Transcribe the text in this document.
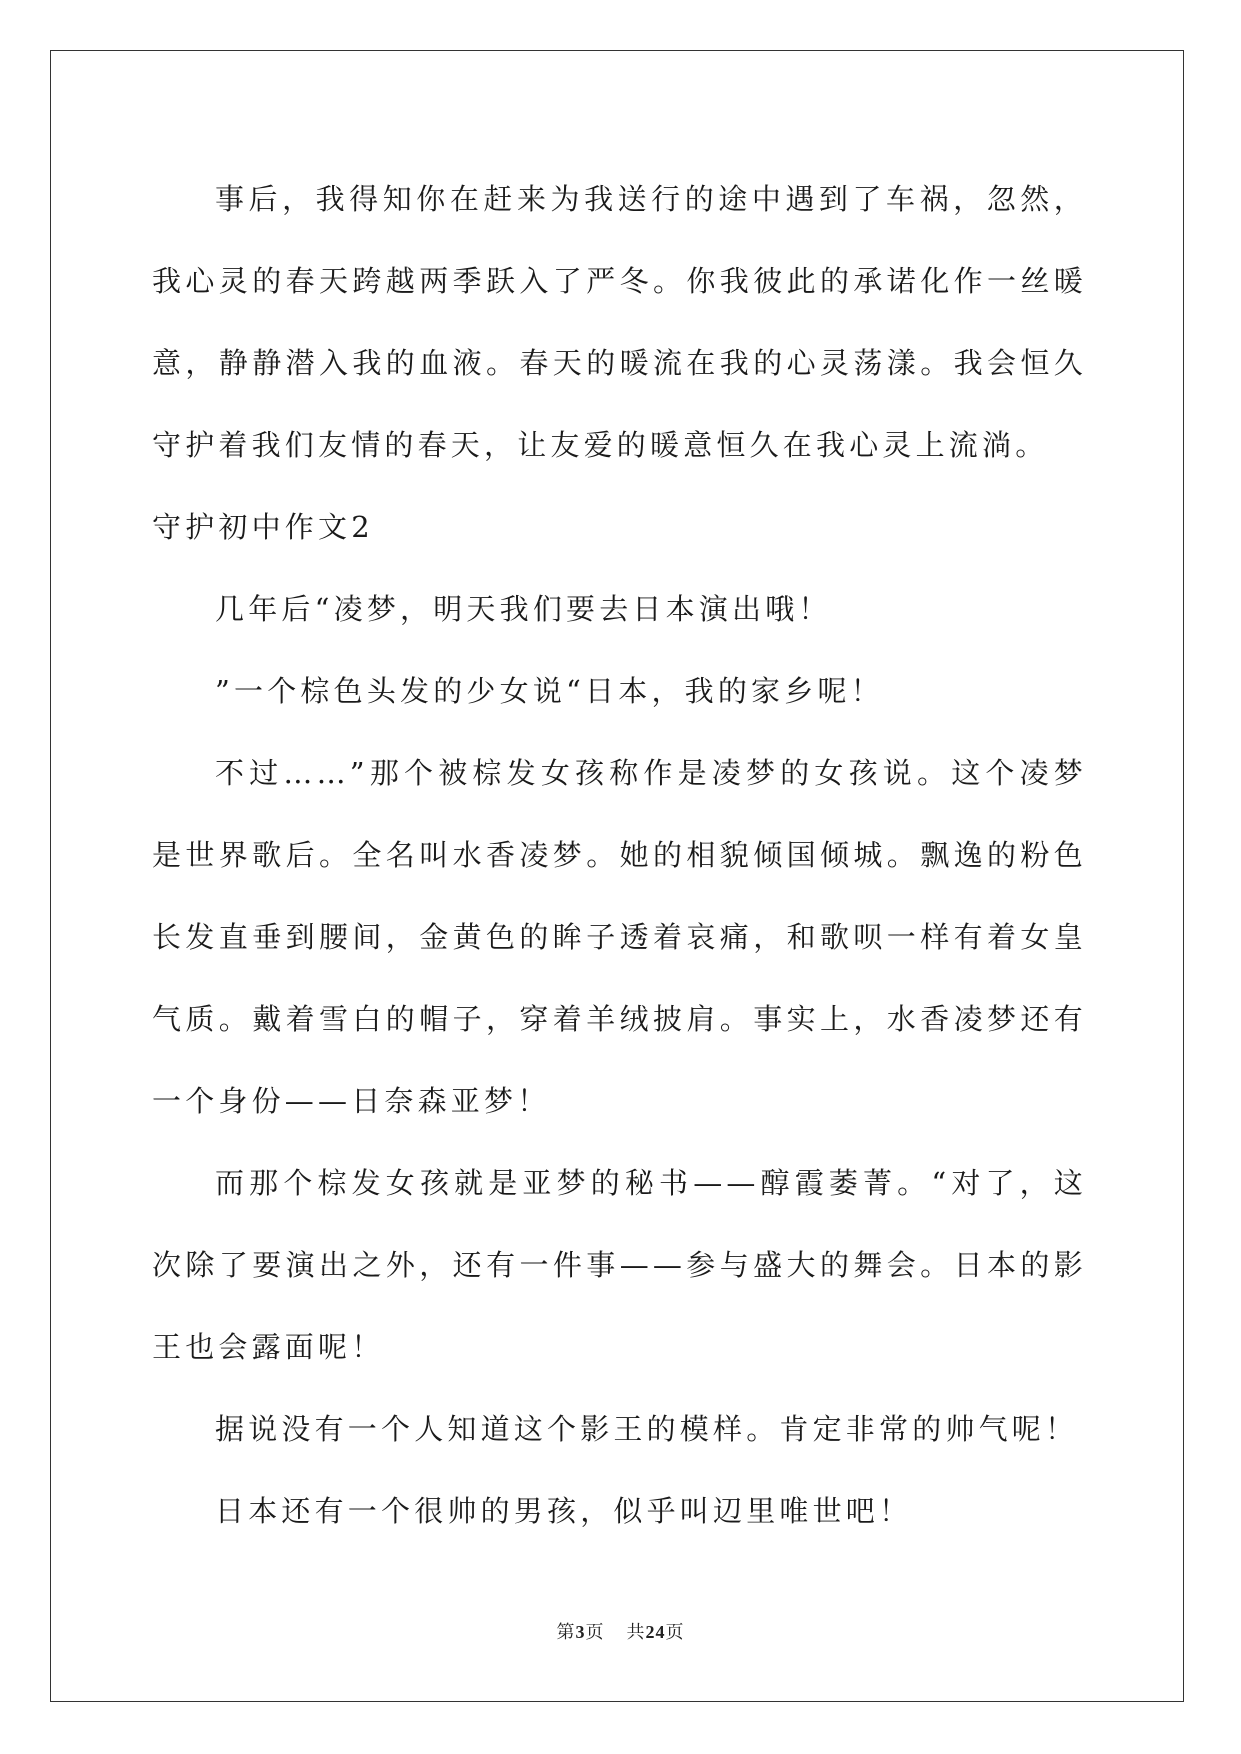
事后，我得知你在赶来为我送行的途中遇到了车祸，忽然，我心灵的春天跨越两季跃入了严冬。你我彼此的承诺化作一丝暖意，静静潜入我的血液。春天的暖流在我的心灵荡漾。我会恒久守护着我们友情的春天，让友爱的暖意恒久在我心灵上流淌。

守护初中作文2

几年后“凌梦，明天我们要去日本演出哦！

”一个棕色头发的少女说“日本，我的家乡呢！

不过……”那个被棕发女孩称作是凌梦的女孩说。这个凌梦是世界歌后。全名叫水香凌梦。她的相貌倾国倾城。飘逸的粉色长发直垂到腰间，金黄色的眸子透着哀痛，和歌呗一样有着女皇气质。戴着雪白的帽子，穿着羊绒披肩。事实上，水香凌梦还有一个身份——日奈森亚梦！

而那个棕发女孩就是亚梦的秘书——醇霞萎菁。“对了，这次除了要演出之外，还有一件事——参与盛大的舞会。日本的影王也会露面呢！

据说没有一个人知道这个影王的模样。肯定非常的帅气呢！

日本还有一个很帅的男孩，似乎叫辺里唯世吧！

第3页 共24页
